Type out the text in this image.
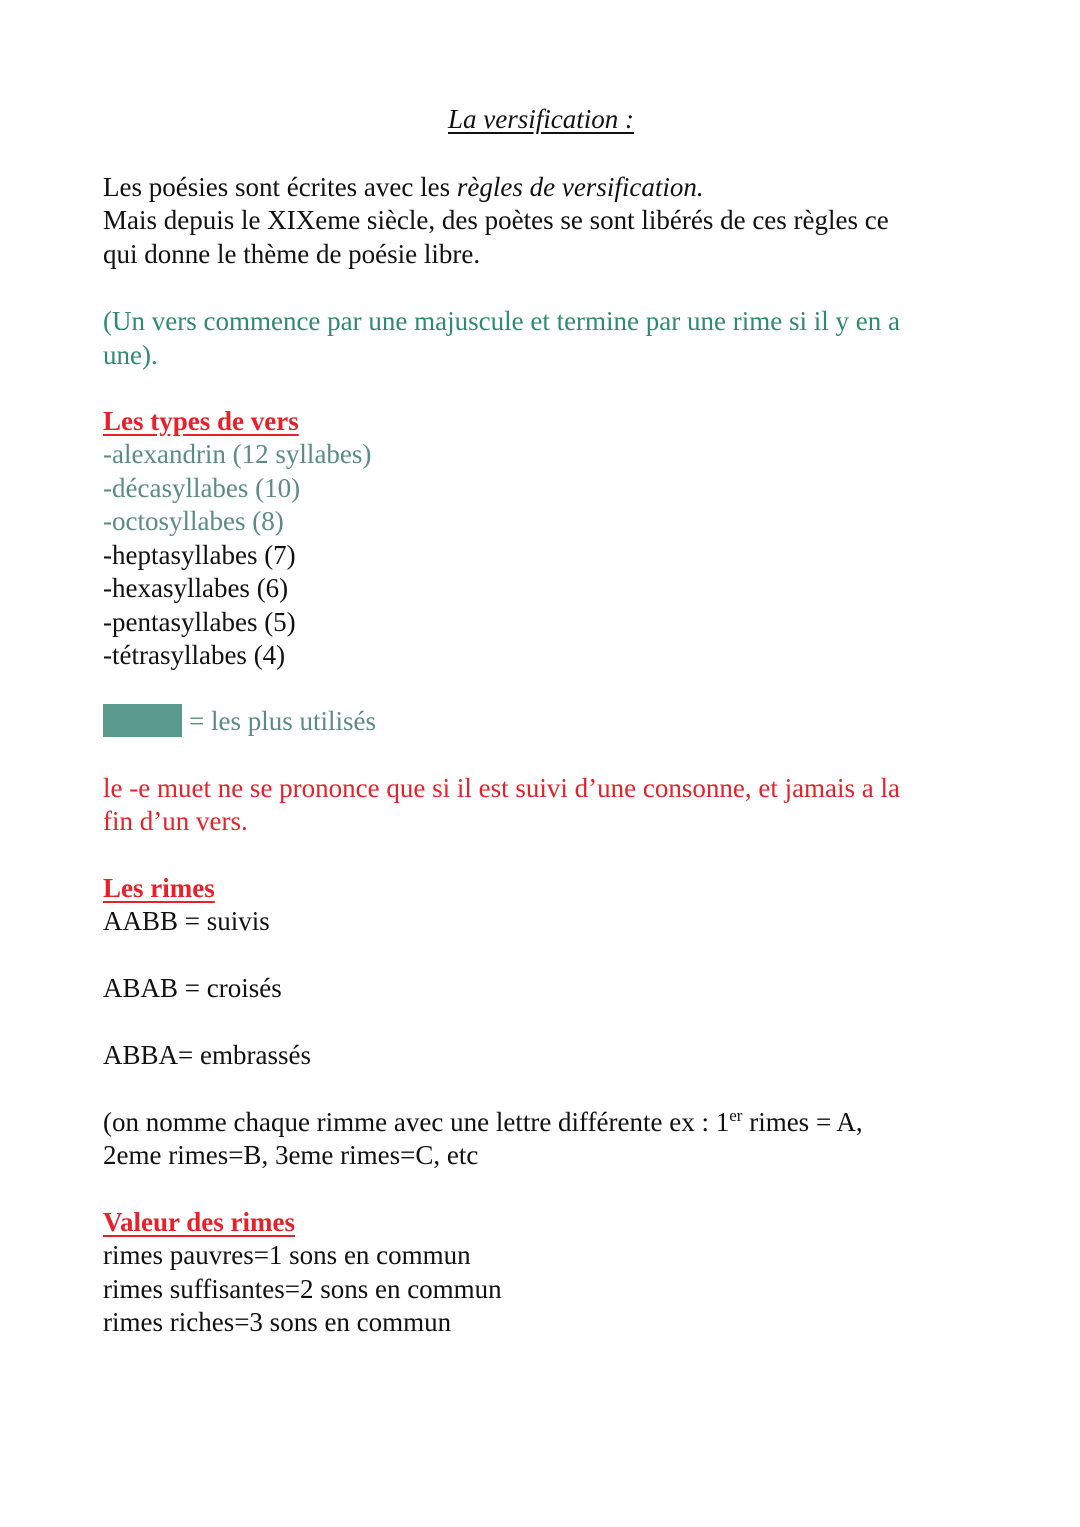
La versification :
Les poésies sont écrites avec les règles de versification.
Mais depuis le XIXeme siècle, des poètes se sont libérés de ces règles ce
qui donne le thème de poésie libre.
(Un vers commence par une majuscule et termine par une rime si il y en a
une).
Les types de vers
-alexandrin (12 syllabes)
-décasyllabes (10)
-octosyllabes (8)
-heptasyllabes (7)
-hexasyllabes (6)
-pentasyllabes (5)
-tétrasyllabes (4)
= les plus utilisés
le -e muet ne se prononce que si il est suivi d’une consonne, et jamais a la
fin d’un vers.
Les rimes
AABB = suivis
ABAB = croisés
ABBA= embrassés
(on nomme chaque rimme avec une lettre différente ex : 1er rimes = A,
2eme rimes=B, 3eme rimes=C, etc
Valeur des rimes
rimes pauvres=1 sons en commun
rimes suffisantes=2 sons en commun
rimes riches=3 sons en commun
